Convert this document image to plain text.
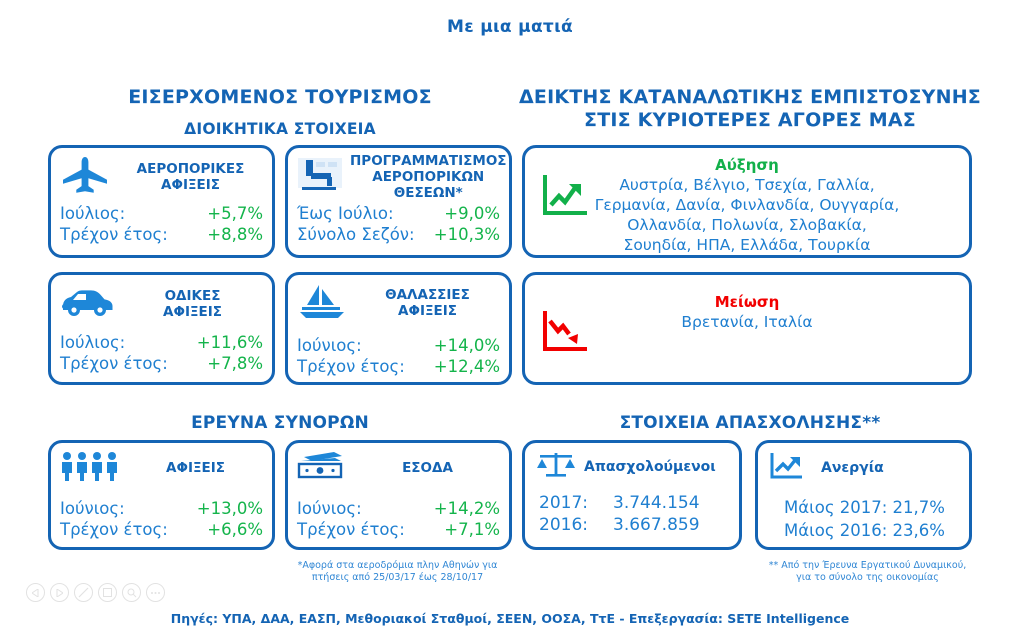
Με μια ματιά
ΕΙΣΕΡΧΟΜΕΝΟΣ ΤΟΥΡΙΣΜΟΣ
ΔΙΟΙΚΗΤΙΚΑ ΣΤΟΙΧΕΙΑ
ΑΕΡΟΠΟΡΙΚΕΣ
ΑΦΙΞΕΙΣ
Ιούλιος:	+5,7%
Τρέχον έτος: +8,8%
ΠΡΟΓΡΑΜΜΑΤΙΣΜΟΣ
ΑΕΡΟΠΟΡΙΚΩΝ
ΘΕΣΕΩΝ*
Έως Ιούλιο:	+9,0%
Σύνολο Σεζόν: +10,3%
ΟΔΙΚΕΣ
ΑΦΙΞΕΙΣ
Ιούλιος:	+11,6%
Τρέχον έτος: +7,8%
ΘΑΛΑΣΣΙΕΣ
ΑΦΙΞΕΙΣ
Ιούνιος:	+14,0%
Τρέχον έτος: +12,4%
ΕΡΕΥΝΑ ΣΥΝΟΡΩΝ
ΑΦΙΞΕΙΣ
Ιούνιος:	+13,0%
Τρέχον έτος: +6,6%
ΕΣΟΔΑ
Ιούνιος:	+14,2%
Τρέχον έτος: +7,1%
ΔΕΙΚΤΗΣ ΚΑΤΑΝΑΛΩΤΙΚΗΣ ΕΜΠΙΣΤΟΣΥΝΗΣ
ΣΤΙΣ ΚΥΡΙΟΤΕΡΕΣ ΑΓΟΡΕΣ ΜΑΣ
Αύξηση
Αυστρία, Βέλγιο, Τσεχία, Γαλλία,
Γερμανία, Δανία, Φινλανδία, Ουγγαρία,
Ολλανδία, Πολωνία, Σλοβακία,
Σουηδία, ΗΠΑ, Ελλάδα, Τουρκία
Μείωση
Βρετανία, Ιταλία
ΣΤΟΙΧΕΙΑ ΑΠΑΣΧΟΛΗΣΗΣ**
Απασχολούμενοι
2017:	3.744.154
2016:	3.667.859
Ανεργία
Μάιος 2017: 21,7%
Μάιος 2016: 23,6%
*Αφορά στα αεροδρόμια πλην Αθηνών για
πτήσεις από 25/03/17 έως 28/10/17
** Από την Έρευνα Εργατικού Δυναμικού,
για το σύνολο της οικονομίας
Πηγές: ΥΠΑ, ΔΑΑ, ΕΑΣΠ, Μεθοριακοί Σταθμοί, ΣΕΕΝ, ΟΟΣΑ, ΤτΕ - Επεξεργασία: SETE Intelligence
